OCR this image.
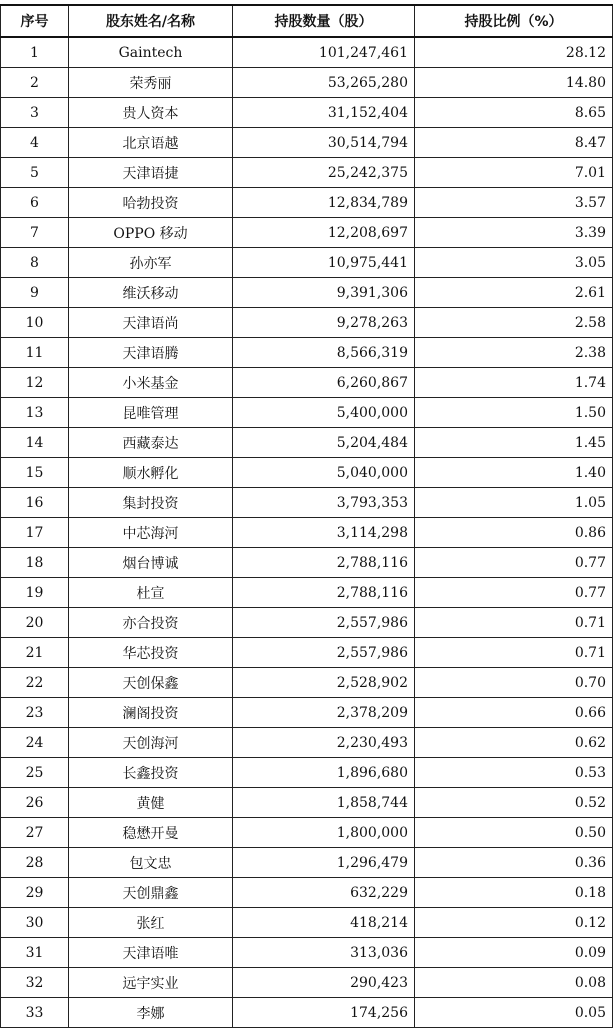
序号	股东姓名/名称	持股数量（股）	持股比例（%）
1	Gaintech	101,247,461	28.12
2	荣秀丽	53,265,280	14.80
3	贵人资本	31,152,404	8.65
4	北京语越	30,514,794	8.47
5	天津语捷	25,242,375	7.01
6	哈勃投资	12,834,789	3.57
7	OPPO 移动	12,208,697	3.39
8	孙亦军	10,975,441	3.05
9	维沃移动	9,391,306	2.61
10	天津语尚	9,278,263	2.58
11	天津语腾	8,566,319	2.38
12	小米基金	6,260,867	1.74
13	昆唯管理	5,400,000	1.50
14	西藏泰达	5,204,484	1.45
15	顺水孵化	5,040,000	1.40
16	集封投资	3,793,353	1.05
17	中芯海河	3,114,298	0.86
18	烟台博诚	2,788,116	0.77
19	杜宣	2,788,116	0.77
20	亦合投资	2,557,986	0.71
21	华芯投资	2,557,986	0.71
22	天创保鑫	2,528,902	0.70
23	澜阁投资	2,378,209	0.66
24	天创海河	2,230,493	0.62
25	长鑫投资	1,896,680	0.53
26	黄健	1,858,744	0.52
27	稳懋开曼	1,800,000	0.50
28	包文忠	1,296,479	0.36
29	天创鼎鑫	632,229	0.18
30	张红	418,214	0.12
31	天津语唯	313,036	0.09
32	远宇实业	290,423	0.08
33	李娜	174,256	0.05
